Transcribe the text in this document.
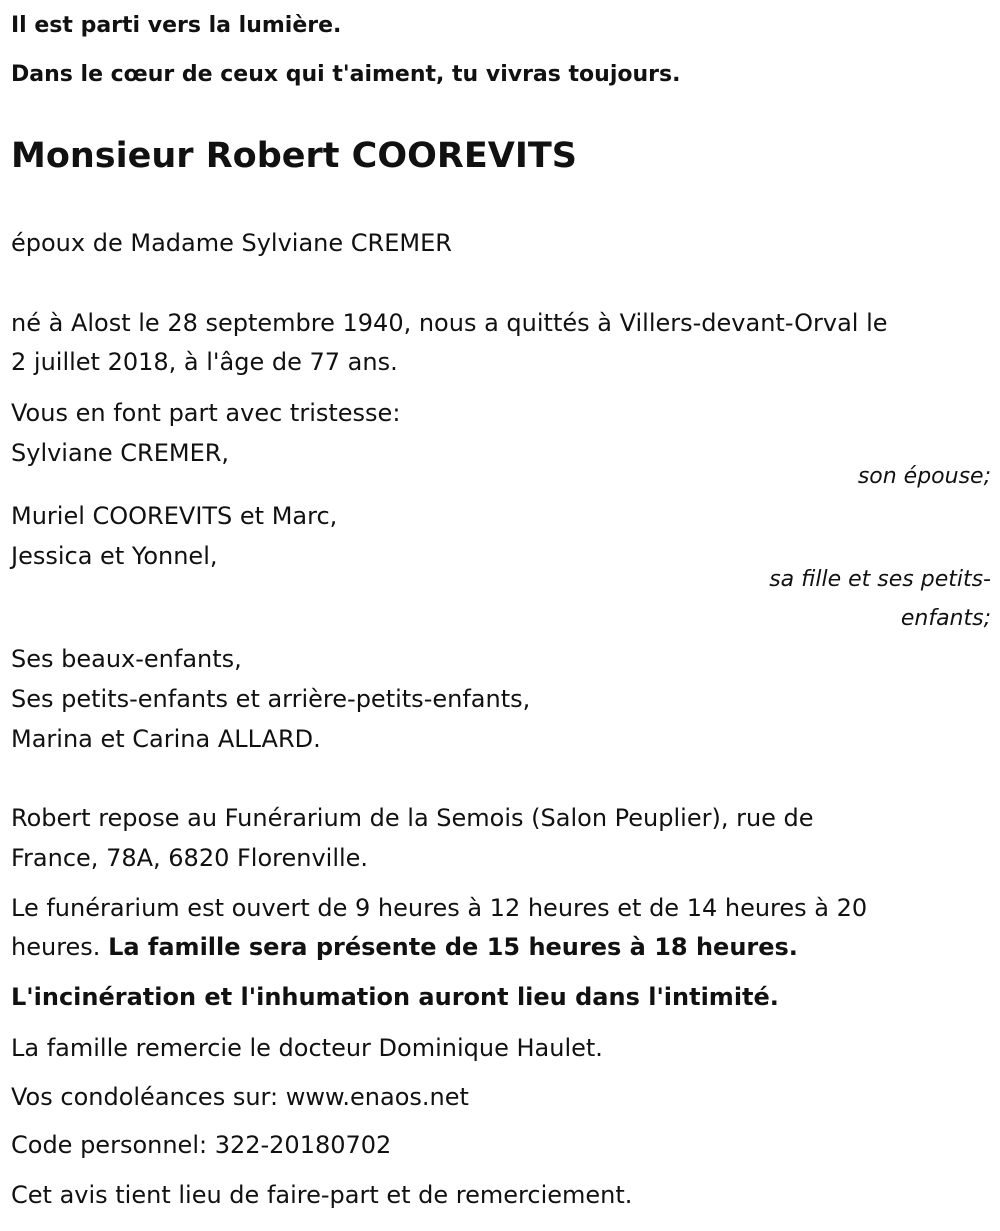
Il est parti vers la lumière.
Dans le cœur de ceux qui t'aiment, tu vivras toujours.
Monsieur Robert COOREVITS
époux de Madame Sylviane CREMER
né à Alost le 28 septembre 1940, nous a quittés à Villers-devant-Orval le
2 juillet 2018, à l'âge de 77 ans.
Vous en font part avec tristesse:
Sylviane CREMER,
son épouse;
Muriel COOREVITS et Marc,
Jessica et Yonnel,
sa fille et ses petits-
enfants;
Ses beaux-enfants,
Ses petits-enfants et arrière-petits-enfants,
Marina et Carina ALLARD.
Robert repose au Funérarium de la Semois (Salon Peuplier), rue de
France, 78A, 6820 Florenville.
Le funérarium est ouvert de 9 heures à 12 heures et de 14 heures à 20
heures. La famille sera présente de 15 heures à 18 heures.
L'incinération et l'inhumation auront lieu dans l'intimité.
La famille remercie le docteur Dominique Haulet.
Vos condoléances sur: www.enaos.net
Code personnel: 322-20180702
Cet avis tient lieu de faire-part et de remerciement.
